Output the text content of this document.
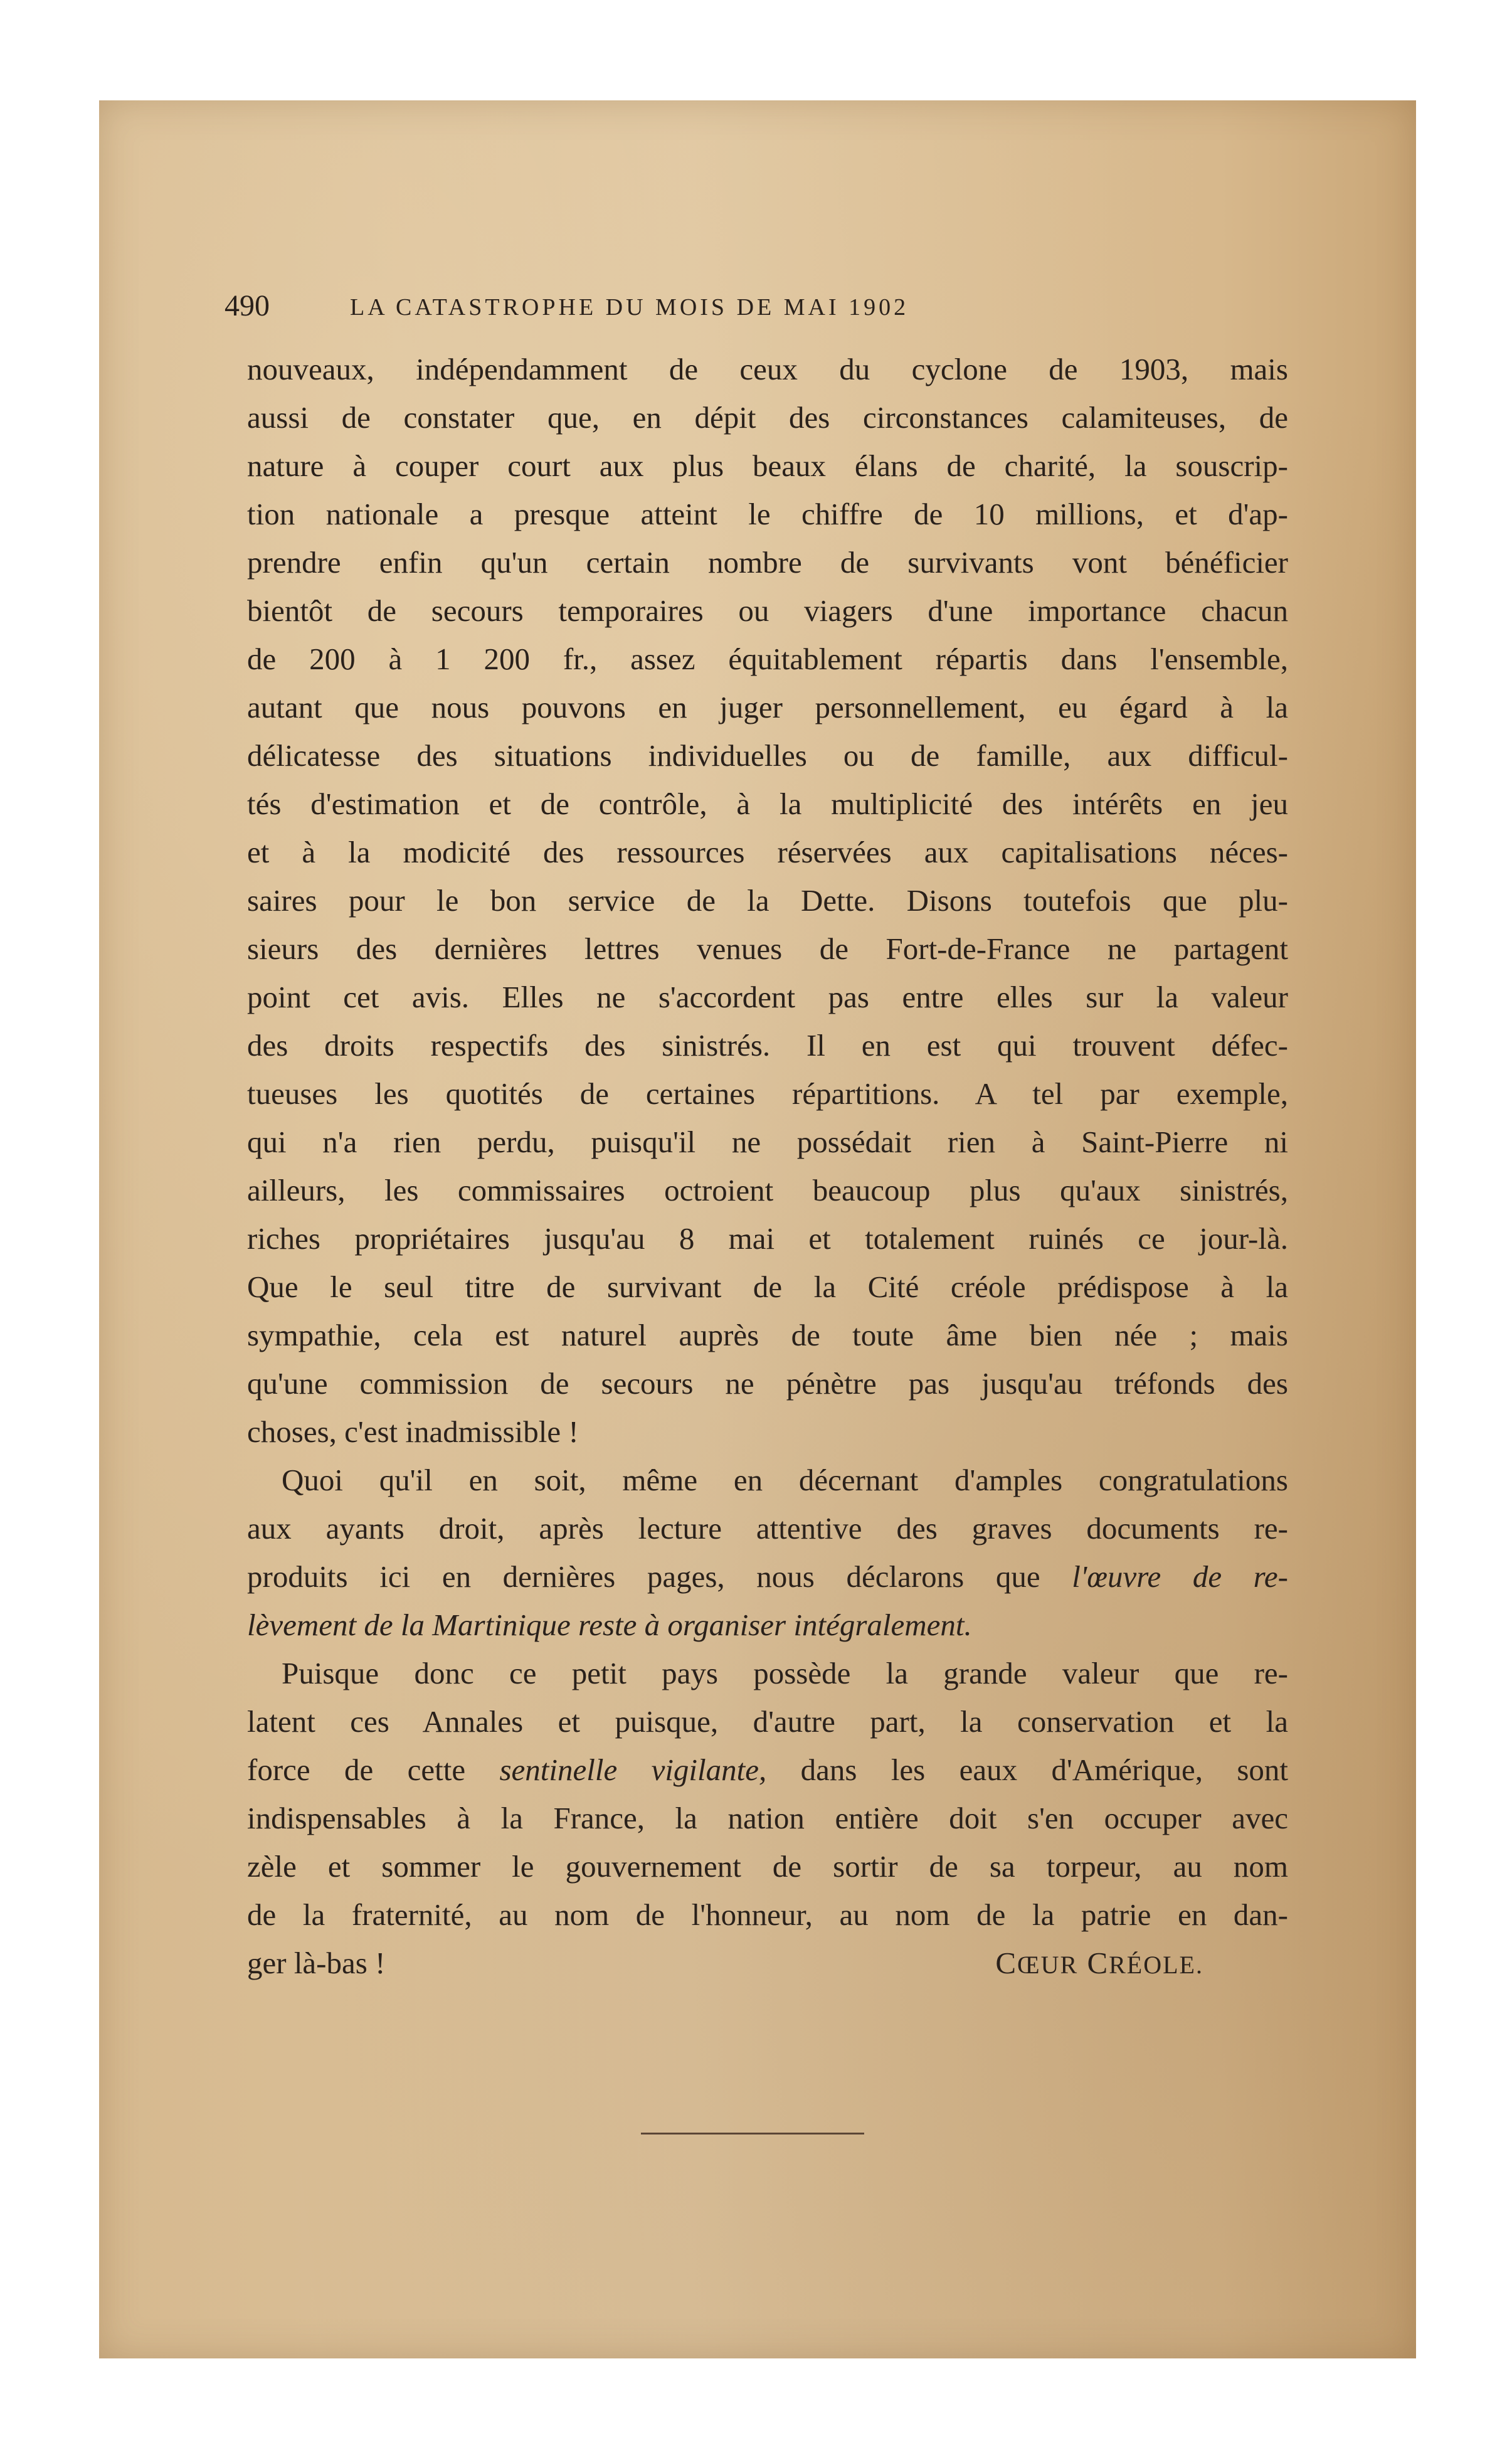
490	LA CATASTROPHE DU MOIS DE MAI 1902
nouveaux, indépendamment de ceux du cyclone de 1903, mais
aussi de constater que, en dépit des circonstances calamiteuses, de
nature à couper court aux plus beaux élans de charité, la souscrip-
tion nationale a presque atteint le chiffre de 10 millions, et d'ap-
prendre enfin qu'un certain nombre de survivants vont bénéficier
bientôt de secours temporaires ou viagers d'une importance chacun
de 200 à 1 200 fr., assez équitablement répartis dans l'ensemble,
autant que nous pouvons en juger personnellement, eu égard à la
délicatesse des situations individuelles ou de famille, aux difficul-
tés d'estimation et de contrôle, à la multiplicité des intérêts en jeu
et à la modicité des ressources réservées aux capitalisations néces-
saires pour le bon service de la Dette. Disons toutefois que plu-
sieurs des dernières lettres venues de Fort-de-France ne partagent
point cet avis. Elles ne s'accordent pas entre elles sur la valeur
des droits respectifs des sinistrés. Il en est qui trouvent défec-
tueuses les quotités de certaines répartitions. A tel par exemple,
qui n'a rien perdu, puisqu'il ne possédait rien à Saint-Pierre ni
ailleurs, les commissaires octroient beaucoup plus qu'aux sinistrés,
riches propriétaires jusqu'au 8 mai et totalement ruinés ce jour-là.
Que le seul titre de survivant de la Cité créole prédispose à la
sympathie, cela est naturel auprès de toute âme bien née ; mais
qu'une commission de secours ne pénètre pas jusqu'au tréfonds des
choses, c'est inadmissible !
Quoi qu'il en soit, même en décernant d'amples congratulations
aux ayants droit, après lecture attentive des graves documents re-
produits ici en dernières pages, nous déclarons que l'œuvre de re-
lèvement de la Martinique reste à organiser intégralement.
Puisque donc ce petit pays possède la grande valeur que re-
latent ces Annales et puisque, d'autre part, la conservation et la
force de cette sentinelle vigilante, dans les eaux d'Amérique, sont
indispensables à la France, la nation entière doit s'en occuper avec
zèle et sommer le gouvernement de sortir de sa torpeur, au nom
de la fraternité, au nom de l'honneur, au nom de la patrie en dan-
ger là-bas !	CŒUR CRÉOLE.
